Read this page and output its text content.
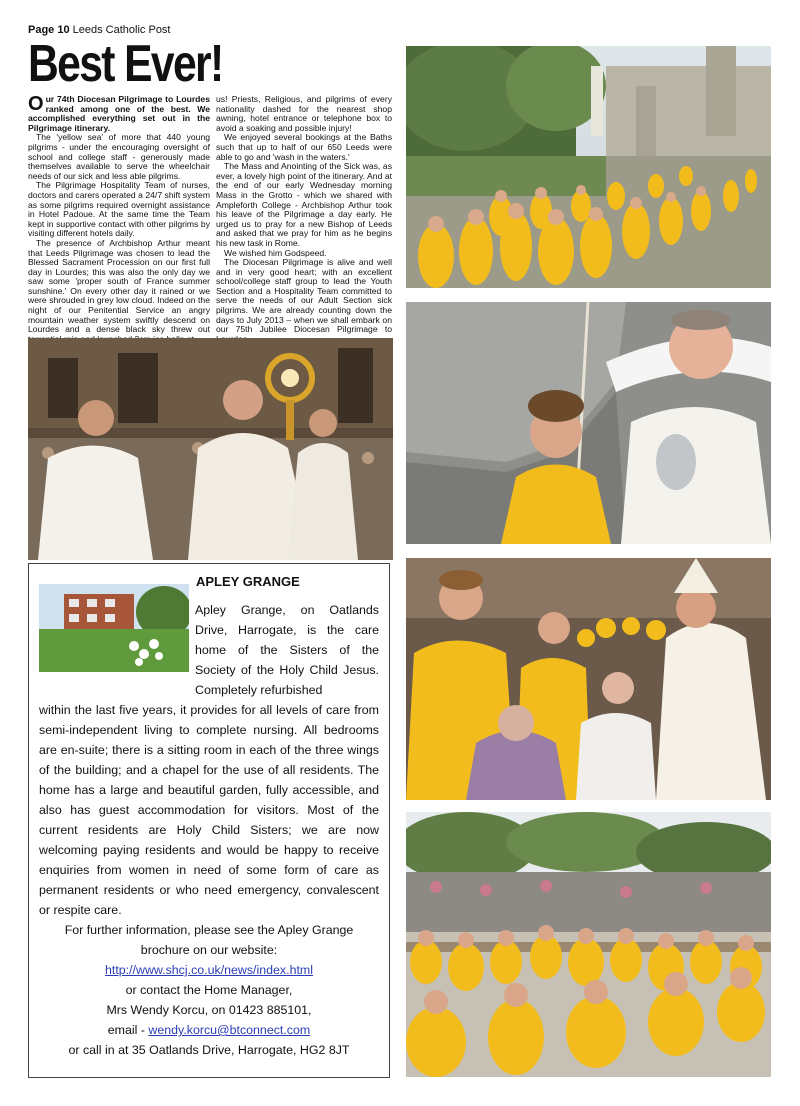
Page 10 Leeds Catholic Post
Best Ever!

Our 74th Diocesan Pilgrimage to Lourdes ranked among one of the best. We accomplished everything set out in the Pilgrimage itinerary.

The 'yellow sea' of more that 440 young pilgrims - under the encouraging oversight of school and college staff - generously made themselves available to serve the wheelchair needs of our sick and less able pilgrims.

The Pilgrimage Hospitality Team of nurses, doctors and carers operated a 24/7 shift system as some pilgrims required overnight assistance in Hotel Padoue. At the same time the Team kept in supportive contact with other pilgrims by visiting different hotels daily.

The presence of Archbishop Arthur meant that Leeds Pilgrimage was chosen to lead the Blessed Sacrament Procession on our first full day in Lourdes; this was also the only day we saw some 'proper south of France summer sunshine.' On every other day it rained or we were shrouded in grey low cloud. Indeed on the night of our Penitential Service an angry mountain weather system swiftly descend on Lourdes and a dense black sky threw out

us! Priests, Religious, and pilgrims of every nationality dashed for the nearest shop awning, hotel entrance or telephone box to avoid a soaking and possible injury!

We enjoyed several bookings at the Baths such that up to half of our 650 Leeds were able to go and 'wash in the waters.'

The Mass and Anointing of the Sick was, as ever, a lovely high point of the itinerary. And at the end of our early Wednesday morning Mass in the Grotto - which we shared with Ampleforth College - Archbishop Arthur took his leave of the Pilgrimage a day early. He urged us to pray for a new Bishop of Leeds and asked that we pray for him as he begins his new task in Rome.

We wished him Godspeed.

The Diocesan Pilgrimage is alive and well and in very good heart; with an excellent school/college staff group to lead the Youth Section and a Hospitality Team committed to serve the needs of our Adult Section sick pilgrims. We are already counting down the days to July 2013 – when we shall embark on our 75th Jubilee Diocesan Pilgrimage to

APLEY GRANGE
Apley Grange, on Oatlands Drive, Harrogate, is the care home of the Sisters of the Society of the Holy Child Jesus. Completely refurbished
within the last five years, it provides for all levels of care from semi-independent living to complete nursing. All bedrooms are en-suite; there is a sitting room in each of the three wings of the building; and a chapel for the use of all residents. The home has a large and beautiful garden, fully accessible, and also has guest accommodation for visitors. Most of the current residents are Holy Child Sisters; we are now welcoming paying residents and would be happy to receive enquiries from women in need of some form of care as permanent residents or who need emergency, convalescent or respite care.
For further information, please see the Apley Grange brochure on our website:
http://www.shcj.co.uk/news/index.html
or contact the Home Manager,
Mrs Wendy Korcu, on 01423 885101,
email - wendy.korcu@btconnect.com
or call in at 35 Oatlands Drive, Harrogate, HG2 8JT
